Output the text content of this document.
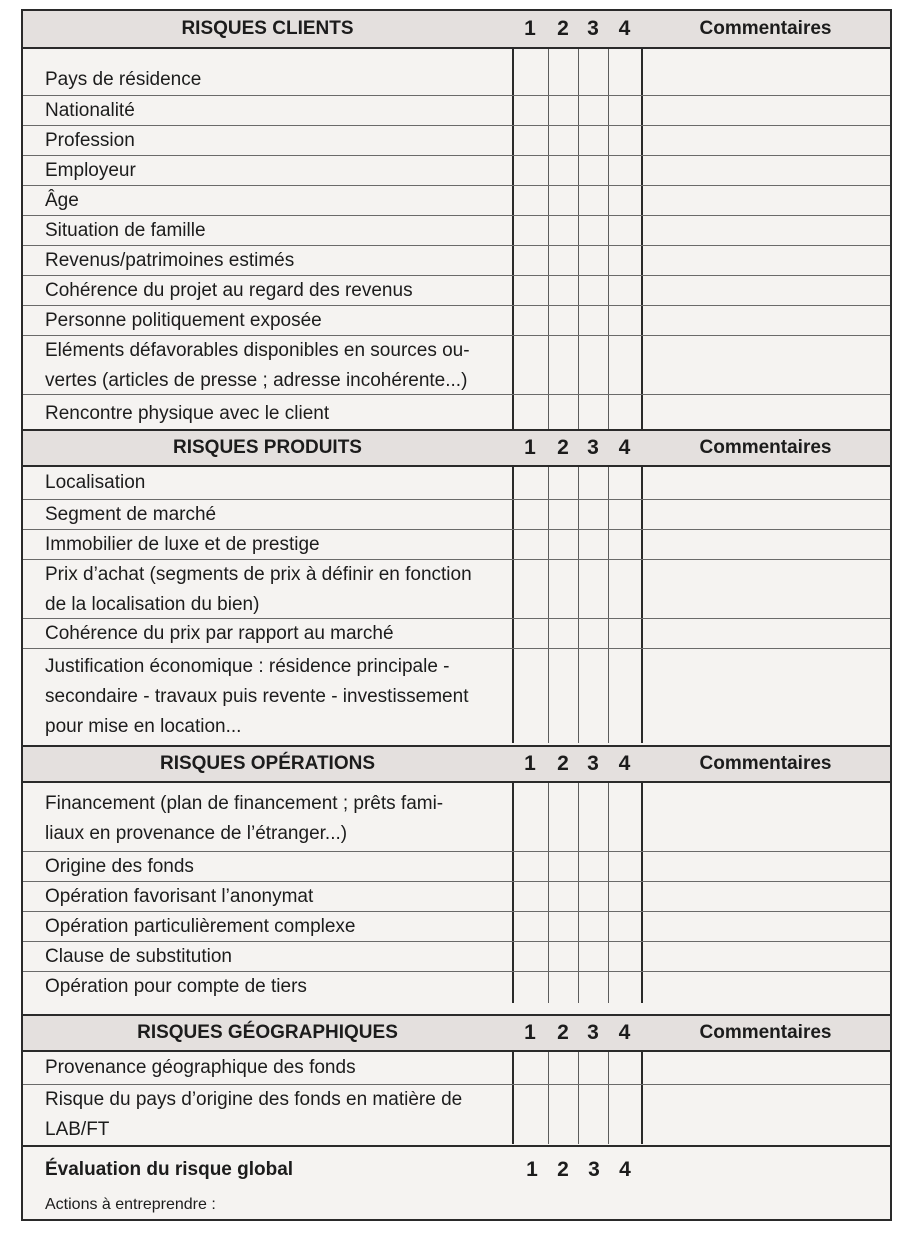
RISQUES CLIENTS	1	2 3 4	Commentaires
Pays de résidence
Nationalité
Profession
Employeur
Âge
Situation de famille
Revenus/patrimoines estimés
Cohérence du projet au regard des revenus
Personne politiquement exposée
Eléments défavorables disponibles en sources ou-
vertes (articles de presse ; adresse incohérente...)
Rencontre physique avec le client
RISQUES PRODUITS	1	2 3 4	Commentaires
Localisation
Segment de marché
Immobilier de luxe et de prestige
Prix d’achat (segments de prix à définir en fonction
de la localisation du bien)
Cohérence du prix par rapport au marché
Justification économique : résidence principale -
secondaire - travaux puis revente - investissement
pour mise en location...
RISQUES OPÉRATIONS	1	2 3 4	Commentaires
Financement (plan de financement ; prêts fami-
liaux en provenance de l’étranger...)
Origine des fonds
Opération favorisant l’anonymat
Opération particulièrement complexe
Clause de substitution
Opération pour compte de tiers
RISQUES GÉOGRAPHIQUES	1	2 3 4	Commentaires
Provenance géographique des fonds
Risque du pays d’origine des fonds en matière de
LAB/FT
Évaluation du risque global	1 2 3 4
Actions à entreprendre :
